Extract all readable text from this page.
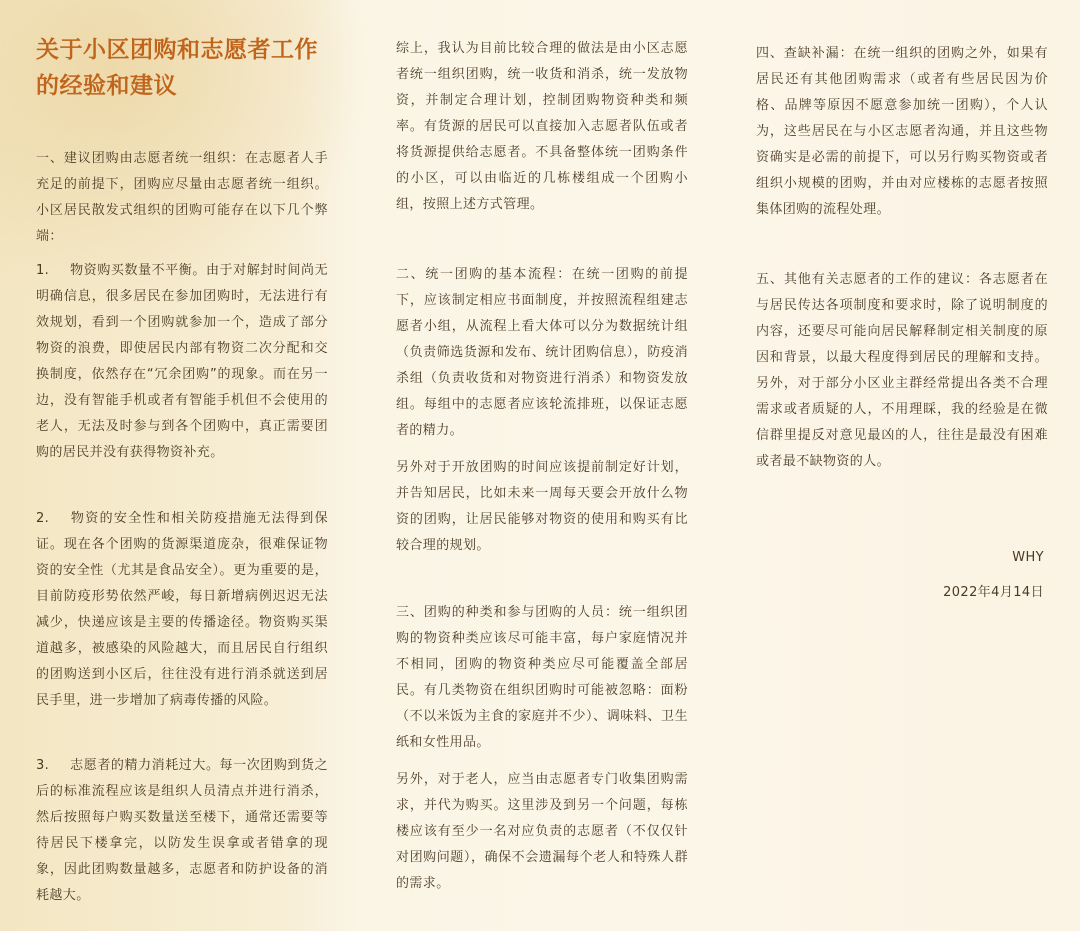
关于小区团购和志愿者工作的经验和建议

一、建议团购由志愿者统一组织：在志愿者人手充足的前提下，团购应尽量由志愿者统一组织。小区居民散发式组织的团购可能存在以下几个弊端：

1. 物资购买数量不平衡。由于对解封时间尚无明确信息，很多居民在参加团购时，无法进行有效规划，看到一个团购就参加一个，造成了部分物资的浪费，即使居民内部有物资二次分配和交换制度，依然存在“冗余团购”的现象。而在另一边，没有智能手机或者有智能手机但不会使用的老人，无法及时参与到各个团购中，真正需要团购的居民并没有获得物资补充。

2. 物资的安全性和相关防疫措施无法得到保证。现在各个团购的货源渠道庞杂，很难保证物资的安全性（尤其是食品安全）。更为重要的是，目前防疫形势依然严峻，每日新增病例迟迟无法减少，快递应该是主要的传播途径。物资购买渠道越多，被感染的风险越大，而且居民自行组织的团购送到小区后，往往没有进行消杀就送到居民手里，进一步增加了病毒传播的风险。

3. 志愿者的精力消耗过大。每一次团购到货之后的标准流程应该是组织人员清点并进行消杀，然后按照每户购买数量送至楼下，通常还需要等待居民下楼拿完，以防发生误拿或者错拿的现象，因此团购数量越多，志愿者和防护设备的消耗越大。

综上，我认为目前比较合理的做法是由小区志愿者统一组织团购，统一收货和消杀，统一发放物资，并制定合理计划，控制团购物资种类和频率。有货源的居民可以直接加入志愿者队伍或者将货源提供给志愿者。不具备整体统一团购条件的小区，可以由临近的几栋楼组成一个团购小组，按照上述方式管理。

二、统一团购的基本流程：在统一团购的前提下，应该制定相应书面制度，并按照流程组建志愿者小组，从流程上看大体可以分为数据统计组（负责筛选货源和发布、统计团购信息），防疫消杀组（负责收货和对物资进行消杀）和物资发放组。每组中的志愿者应该轮流排班，以保证志愿者的精力。

另外对于开放团购的时间应该提前制定好计划，并告知居民，比如未来一周每天要会开放什么物资的团购，让居民能够对物资的使用和购买有比较合理的规划。

三、团购的种类和参与团购的人员：统一组织团购的物资种类应该尽可能丰富，每户家庭情况并不相同，团购的物资种类应尽可能覆盖全部居民。有几类物资在组织团购时可能被忽略：面粉（不以米饭为主食的家庭并不少）、调味料、卫生纸和女性用品。

另外，对于老人，应当由志愿者专门收集团购需求，并代为购买。这里涉及到另一个问题，每栋楼应该有至少一名对应负责的志愿者（不仅仅针对团购问题），确保不会遗漏每个老人和特殊人群的需求。

四、查缺补漏：在统一组织的团购之外，如果有居民还有其他团购需求（或者有些居民因为价格、品牌等原因不愿意参加统一团购），个人认为，这些居民在与小区志愿者沟通，并且这些物资确实是必需的前提下，可以另行购买物资或者组织小规模的团购，并由对应楼栋的志愿者按照集体团购的流程处理。

五、其他有关志愿者的工作的建议：各志愿者在与居民传达各项制度和要求时，除了说明制度的内容，还要尽可能向居民解释制定相关制度的原因和背景，以最大程度得到居民的理解和支持。另外，对于部分小区业主群经常提出各类不合理需求或者质疑的人，不用理睬，我的经验是在微信群里提反对意见最凶的人，往往是最没有困难或者最不缺物资的人。

WHY
2022年4月14日
